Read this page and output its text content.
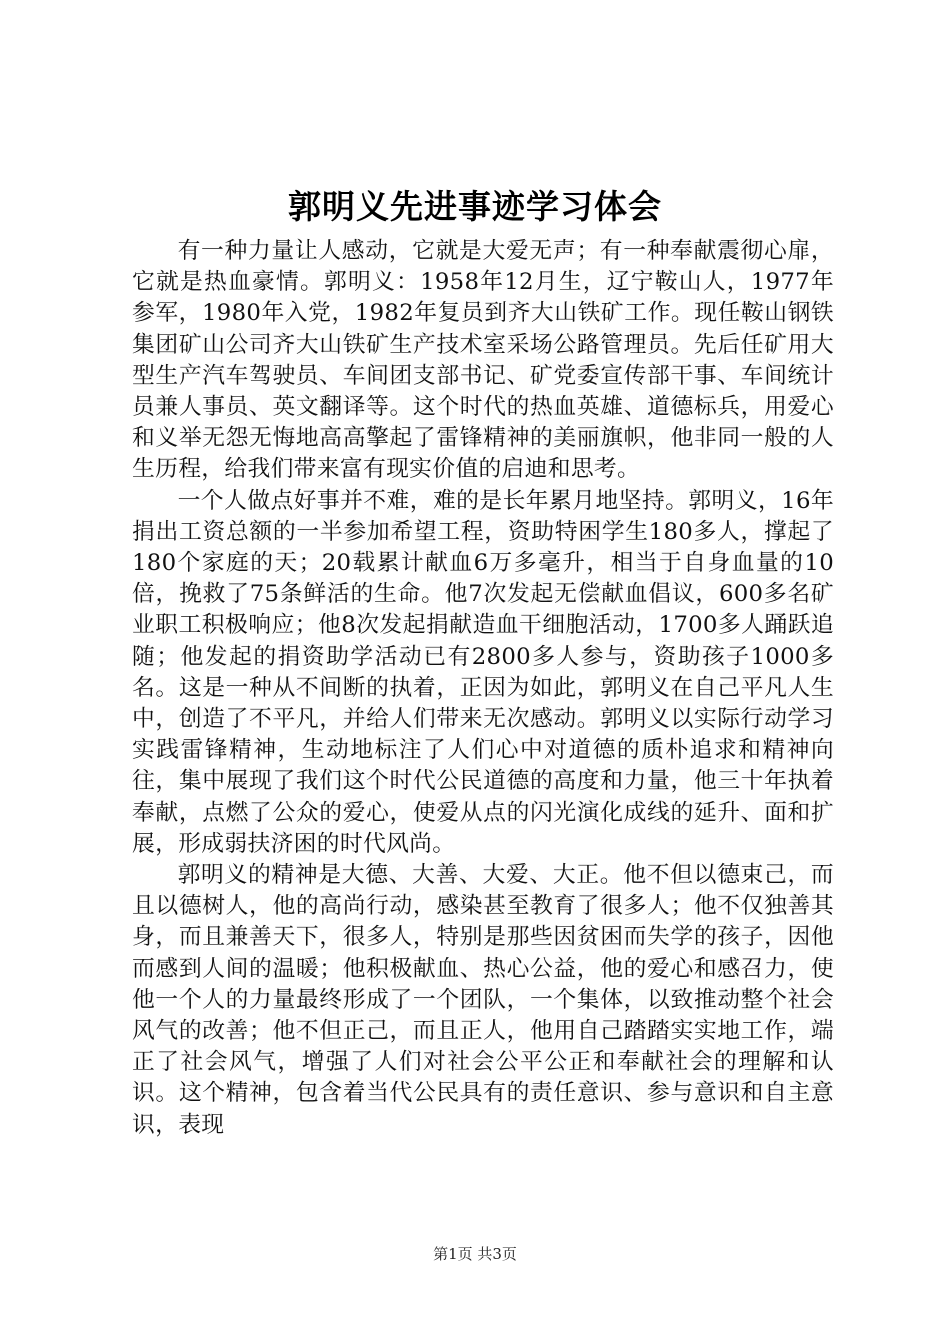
郭明义先进事迹学习体会

有一种力量让人感动，它就是大爱无声；有一种奉献震彻心扉，它就是热血豪情。郭明义：1958年12月生，辽宁鞍山人，1977年参军，1980年入党，1982年复员到齐大山铁矿工作。现任鞍山钢铁集团矿山公司齐大山铁矿生产技术室采场公路管理员。先后任矿用大型生产汽车驾驶员、车间团支部书记、矿党委宣传部干事、车间统计员兼人事员、英文翻译等。这个时代的热血英雄、道德标兵，用爱心和义举无怨无悔地高高擎起了雷锋精神的美丽旗帜，他非同一般的人生历程，给我们带来富有现实价值的启迪和思考。

一个人做点好事并不难，难的是长年累月地坚持。郭明义，16年捐出工资总额的一半参加希望工程，资助特困学生180多人，撑起了180个家庭的天；20载累计献血6万多毫升，相当于自身血量的10倍，挽救了75条鲜活的生命。他7次发起无偿献血倡议，600多名矿业职工积极响应；他8次发起捐献造血干细胞活动，1700多人踊跃追随；他发起的捐资助学活动已有2800多人参与，资助孩子1000多名。这是一种从不间断的执着，正因为如此，郭明义在自己平凡人生中，创造了不平凡，并给人们带来无次感动。郭明义以实际行动学习实践雷锋精神，生动地标注了人们心中对道德的质朴追求和精神向往，集中展现了我们这个时代公民道德的高度和力量，他三十年执着奉献，点燃了公众的爱心，使爱从点的闪光演化成线的延升、面和扩展，形成弱扶济困的时代风尚。

郭明义的精神是大德、大善、大爱、大正。他不但以德束己，而且以德树人，他的高尚行动，感染甚至教育了很多人；他不仅独善其身，而且兼善天下，很多人，特别是那些因贫困而失学的孩子，因他而感到人间的温暖；他积极献血、热心公益，他的爱心和感召力，使他一个人的力量最终形成了一个团队，一个集体，以致推动整个社会风气的改善；他不但正己，而且正人，他用自己踏踏实实地工作，端正了社会风气，增强了人们对社会公平公正和奉献社会的理解和认识。这个精神，包含着当代公民具有的责任意识、参与意识和自主意识，表现

第1页 共3页
